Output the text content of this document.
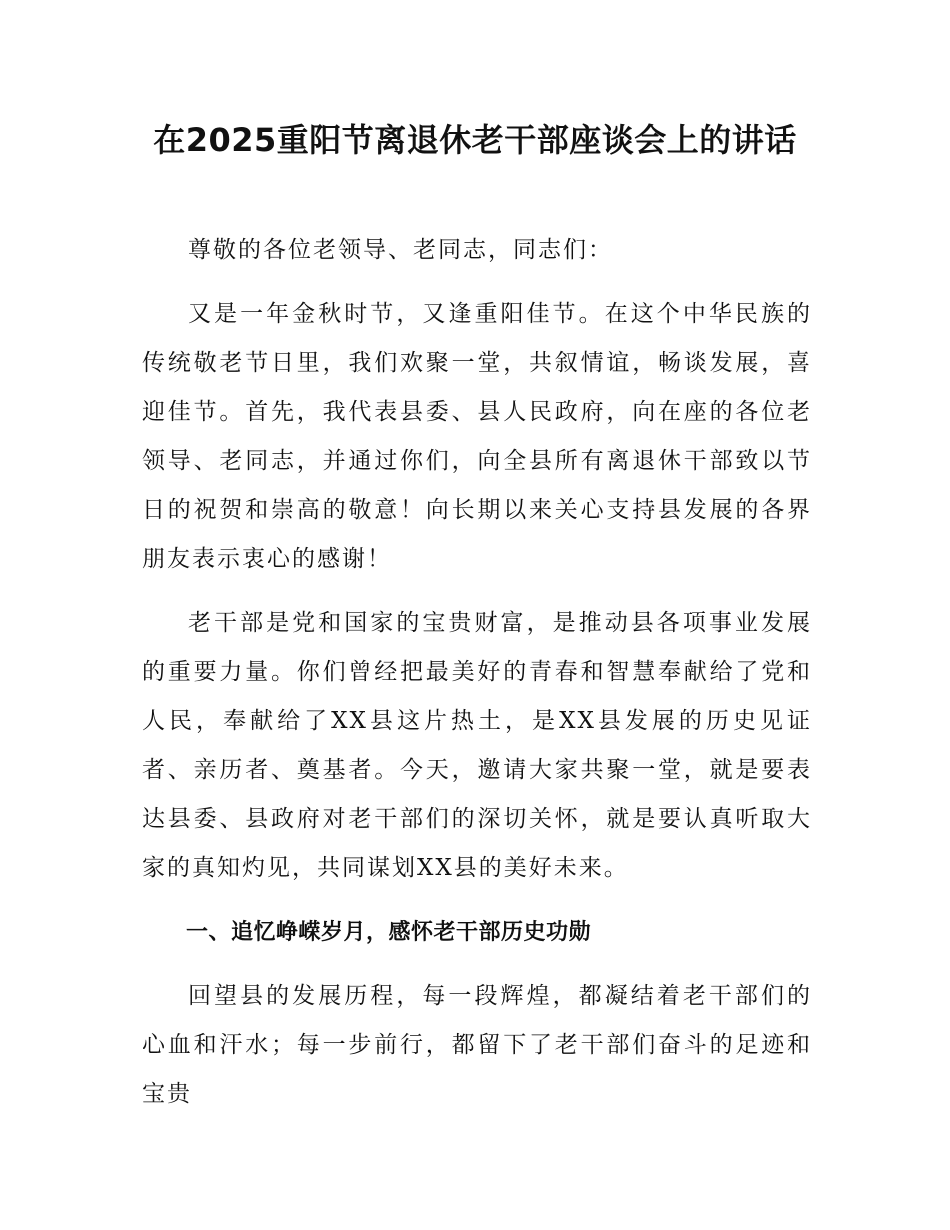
在2025重阳节离退休老干部座谈会上的讲话

尊敬的各位老领导、老同志，同志们：

又是一年金秋时节，又逢重阳佳节。在这个中华民族的传统敬老节日里，我们欢聚一堂，共叙情谊，畅谈发展，喜迎佳节。首先，我代表县委、县人民政府，向在座的各位老领导、老同志，并通过你们，向全县所有离退休干部致以节日的祝贺和崇高的敬意！向长期以来关心支持县发展的各界朋友表示衷心的感谢！

老干部是党和国家的宝贵财富，是推动县各项事业发展的重要力量。你们曾经把最美好的青春和智慧奉献给了党和人民，奉献给了XX县这片热土，是XX县发展的历史见证者、亲历者、奠基者。今天，邀请大家共聚一堂，就是要表达县委、县政府对老干部们的深切关怀，就是要认真听取大家的真知灼见，共同谋划XX县的美好未来。

一、追忆峥嵘岁月，感怀老干部历史功勋

回望县的发展历程，每一段辉煌，都凝结着老干部们的心血和汗水；每一步前行，都留下了老干部们奋斗的足迹和宝贵
